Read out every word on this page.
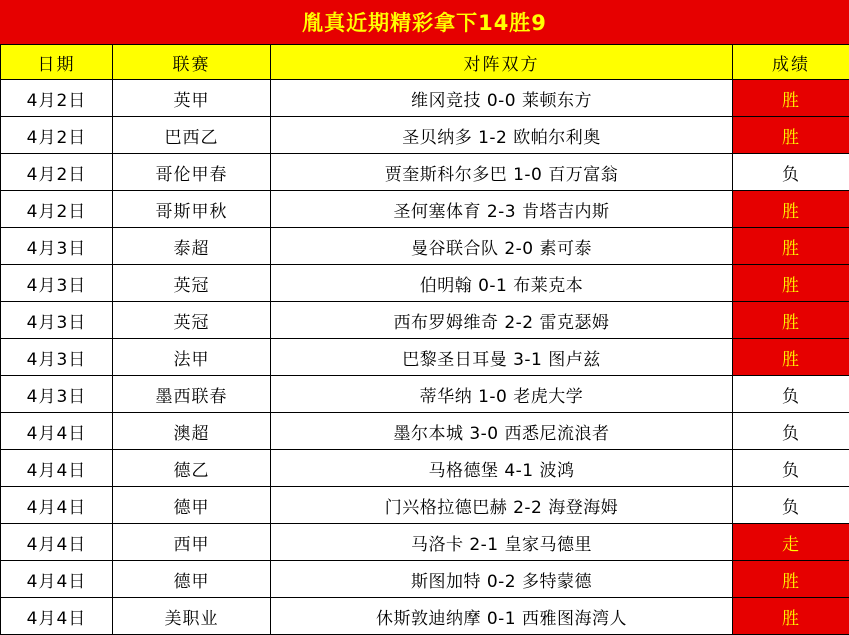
胤真近期精彩拿下14胜9
日期	联赛	对阵双方	成绩
4月2日	英甲	维冈竞技 0-0 莱顿东方	胜
4月2日	巴西乙	圣贝纳多 1-2 欧帕尔利奥	胜
4月2日	哥伦甲春	贾奎斯科尔多巴 1-0 百万富翁	负
4月2日	哥斯甲秋	圣何塞体育 2-3 肯塔吉内斯	胜
4月3日	泰超	曼谷联合队 2-0 素可泰	胜
4月3日	英冠	伯明翰 0-1 布莱克本	胜
4月3日	英冠	西布罗姆维奇 2-2 雷克瑟姆	胜
4月3日	法甲	巴黎圣日耳曼 3-1 图卢兹	胜
4月3日	墨西联春	蒂华纳 1-0 老虎大学	负
4月4日	澳超	墨尔本城 3-0 西悉尼流浪者	负
4月4日	德乙	马格德堡 4-1 波鸿	负
4月4日	德甲	门兴格拉德巴赫 2-2 海登海姆	负
4月4日	西甲	马洛卡 2-1 皇家马德里	走
4月4日	德甲	斯图加特 0-2 多特蒙德	胜
4月4日	美职业	休斯敦迪纳摩 0-1 西雅图海湾人	胜
